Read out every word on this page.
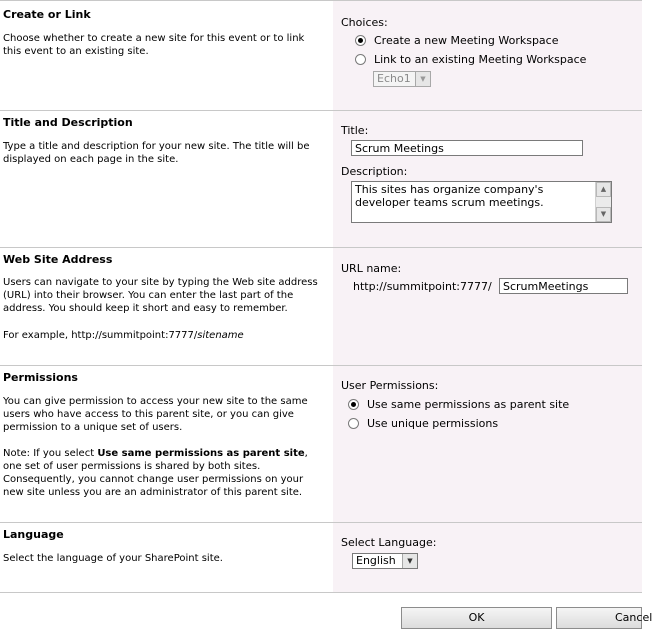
Create or Link

Choose whether to create a new site for this event or to link this event to an existing site.

Choices:
Create a new Meeting Workspace
Link to an existing Meeting Workspace
Echo1	▼
Title and Description

Type a title and description for your new site. The title will be displayed on each page in the site.

Title:
Scrum Meetings
Description:
This sites has organize company's developer teams scrum meetings.
▲
▼
Web Site Address

Users can navigate to your site by typing the Web site address (URL) into their browser. You can enter the last part of the address. You should keep it short and easy to remember.

For example, http://summitpoint:7777/sitename

URL name:
http://summitpoint:7777/	ScrumMeetings
Permissions

You can give permission to access your new site to the same users who have access to this parent site, or you can give permission to a unique set of users.

Note: If you select Use same permissions as parent site, one set of user permissions is shared by both sites. Consequently, you cannot change user permissions on your new site unless you are an administrator of this parent site.

User Permissions:
Use same permissions as parent site
Use unique permissions
Language

Select the language of your SharePoint site.

Select Language:
English	▼
OK	Cancel
